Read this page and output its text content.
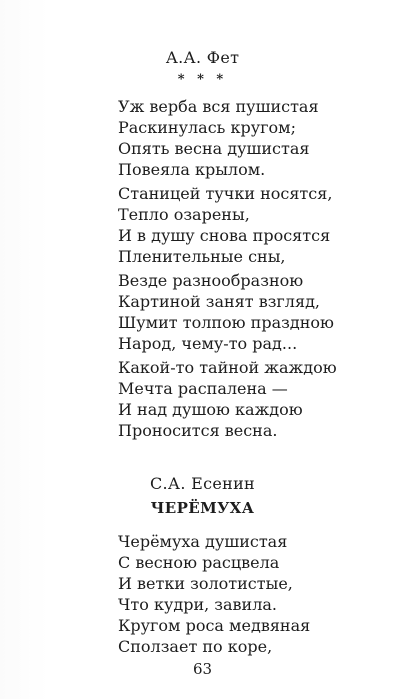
А.А. Фет
* * *
Уж верба вся пушистая
Раскинулась кругом;
Опять весна душистая
Повеяла крылом.
Станицей тучки носятся,
Тепло озарены,
И в душу снова просятся
Пленительные сны,
Везде разнообразною
Картиной занят взгляд,
Шумит толпою праздною
Народ, чему-то рад...
Какой-то тайной жаждою
Мечта распалена —
И над душою каждою
Проносится весна.
С.А. Есенин
ЧЕРЁМУХА
Черёмуха душистая
С весною расцвела
И ветки золотистые,
Что кудри, завила.
Кругом роса медвяная
Сползает по коре,
63
